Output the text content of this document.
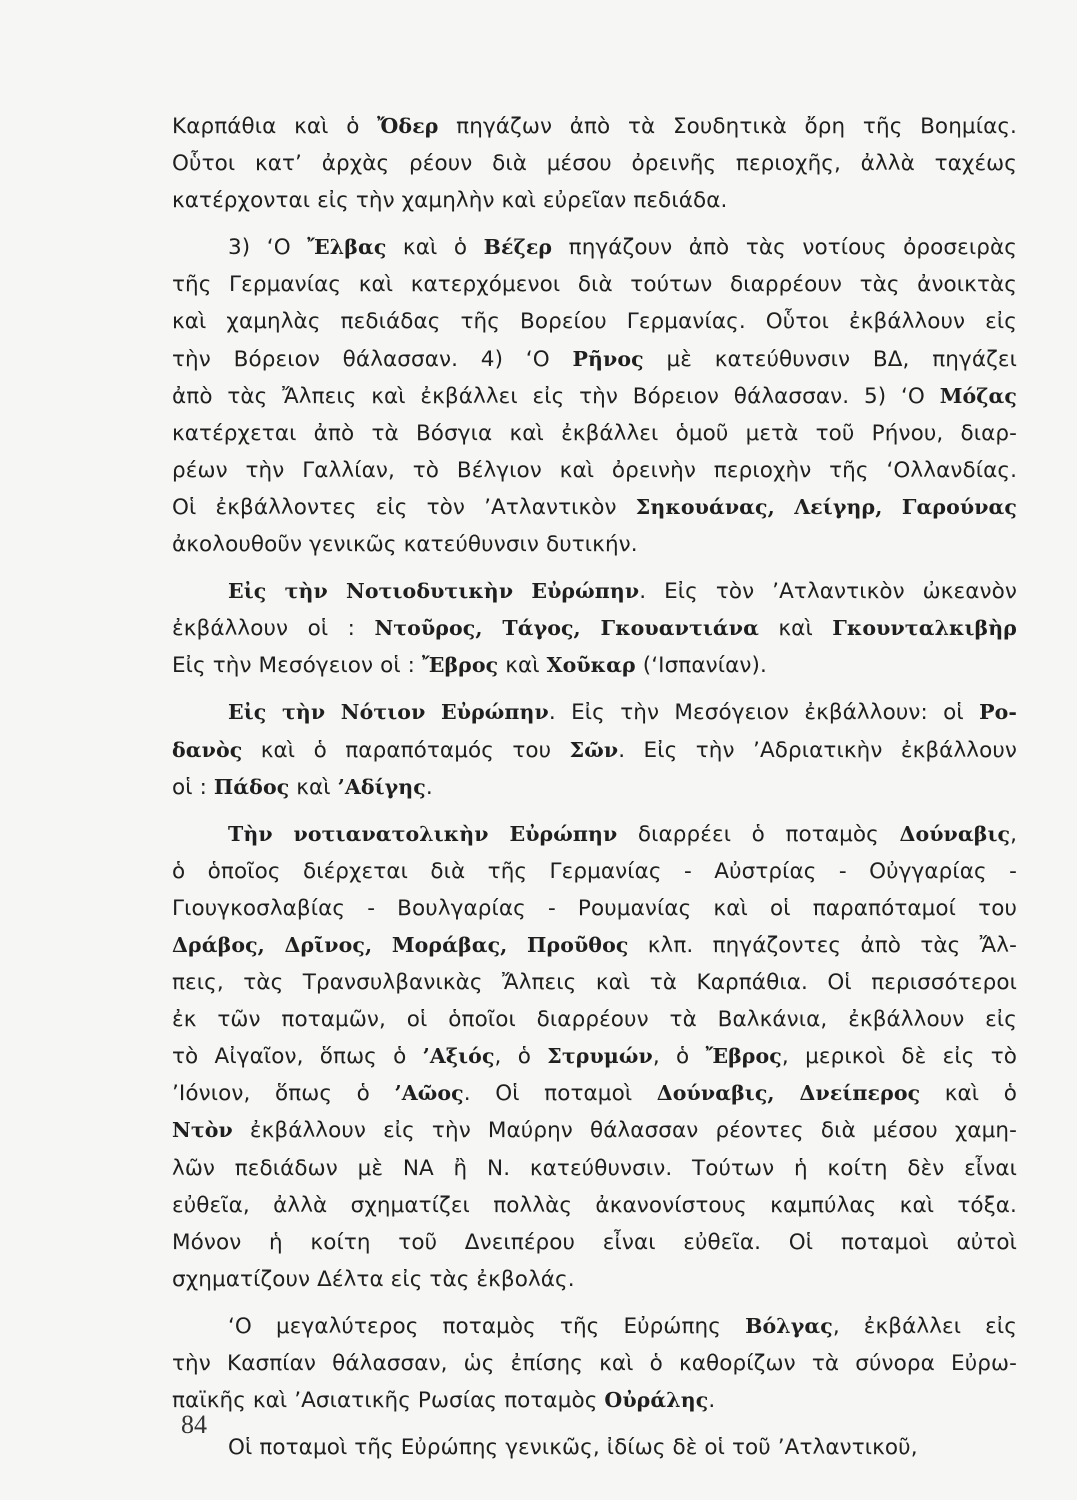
Καρπάθια καὶ ὁ Ὄδερ πηγάζων ἀπὸ τὰ Σουδητικὰ ὄρη τῆς Βοημίας.
Οὗτοι κατ’ ἀρχὰς ρέουν διὰ μέσου ὀρεινῆς περιοχῆς, ἀλλὰ ταχέως
κατέρχονται εἰς τὴν χαμηλὴν καὶ εὐρεῖαν πεδιάδα.
3) ‘Ο Ἔλβας καὶ ὁ Βέζερ πηγάζουν ἀπὸ τὰς νοτίους ὀροσειρὰς
τῆς Γερμανίας καὶ κατερχόμενοι διὰ τούτων διαρρέουν τὰς ἀνοικτὰς
καὶ χαμηλὰς πεδιάδας τῆς Βορείου Γερμανίας. Οὗτοι ἐκβάλλουν εἰς
τὴν Βόρειον θάλασσαν. 4) ‘Ο Ρῆνος μὲ κατεύθυνσιν ΒΔ, πηγάζει
ἀπὸ τὰς Ἄλπεις καὶ ἐκβάλλει εἰς τὴν Βόρειον θάλασσαν. 5) ‘Ο Μόζας
κατέρχεται ἀπὸ τὰ Βόσγια καὶ ἐκβάλλει ὁμοῦ μετὰ τοῦ Ρήνου, διαρ-
ρέων τὴν Γαλλίαν, τὸ Βέλγιον καὶ ὀρεινὴν περιοχὴν τῆς ‘Ολλανδίας.
Οἱ ἐκβάλλοντες εἰς τὸν ’Ατλαντικὸν Σηκουάνας, Λείγηρ, Γαρούνας
ἀκολουθοῦν γενικῶς κατεύθυνσιν δυτικήν.
Εἰς τὴν Νοτιοδυτικὴν Εὐρώπην. Εἰς τὸν ’Ατλαντικὸν ὠκεανὸν
ἐκβάλλουν οἱ : Ντοῦρος, Τάγος, Γκουαντιάνα καὶ Γκουνταλκιβὴρ
Εἰς τὴν Μεσόγειον οἱ : Ἔβρος καὶ Χοῦκαρ (‘Ισπανίαν).
Εἰς τὴν Νότιον Εὐρώπην. Εἰς τὴν Μεσόγειον ἐκβάλλουν: οἱ Ρο-
δανὸς καὶ ὁ παραπόταμός του Σῶν. Εἰς τὴν ’Αδριατικὴν ἐκβάλλουν
οἱ : Πάδος καὶ ’Αδίγης.
Τὴν νοτιανατολικὴν Εὐρώπην διαρρέει ὁ ποταμὸς Δούναβις,
ὁ ὁποῖος διέρχεται διὰ τῆς Γερμανίας - Αὐστρίας - Οὐγγαρίας -
Γιουγκοσλαβίας - Βουλγαρίας - Ρουμανίας καὶ οἱ παραπόταμοί του
Δράβος, Δρῖνος, Μοράβας, Προῦθος κλπ. πηγάζοντες ἀπὸ τὰς Ἄλ-
πεις, τὰς Τρανσυλβανικὰς Ἄλπεις καὶ τὰ Καρπάθια. Οἱ περισσότεροι
ἐκ τῶν ποταμῶν, οἱ ὁποῖοι διαρρέουν τὰ Βαλκάνια, ἐκβάλλουν εἰς
τὸ Αἰγαῖον, ὅπως ὁ ’Αξιός, ὁ Στρυμών, ὁ Ἔβρος, μερικοὶ δὲ εἰς τὸ
’Ιόνιον, ὅπως ὁ ’Αῶος. Οἱ ποταμοὶ Δούναβις, Δνείπερος καὶ ὁ
Ντὸν ἐκβάλλουν εἰς τὴν Μαύρην θάλασσαν ρέοντες διὰ μέσου χαμη-
λῶν πεδιάδων μὲ ΝΑ ἢ Ν. κατεύθυνσιν. Τούτων ἡ κοίτη δὲν εἶναι
εὐθεῖα, ἀλλὰ σχηματίζει πολλὰς ἀκανονίστους καμπύλας καὶ τόξα.
Μόνον ἡ κοίτη τοῦ Δνειπέρου εἶναι εὐθεῖα. Οἱ ποταμοὶ αὐτοὶ
σχηματίζουν Δέλτα εἰς τὰς ἐκβολάς.
‘Ο μεγαλύτερος ποταμὸς τῆς Εὐρώπης Βόλγας, ἐκβάλλει εἰς
τὴν Κασπίαν θάλασσαν, ὡς ἐπίσης καὶ ὁ καθορίζων τὰ σύνορα Εὐρω-
παϊκῆς καὶ ’Ασιατικῆς Ρωσίας ποταμὸς Οὐράλης.
Οἱ ποταμοὶ τῆς Εὐρώπης γενικῶς, ἰδίως δὲ οἱ τοῦ ’Ατλαντικοῦ,
84
